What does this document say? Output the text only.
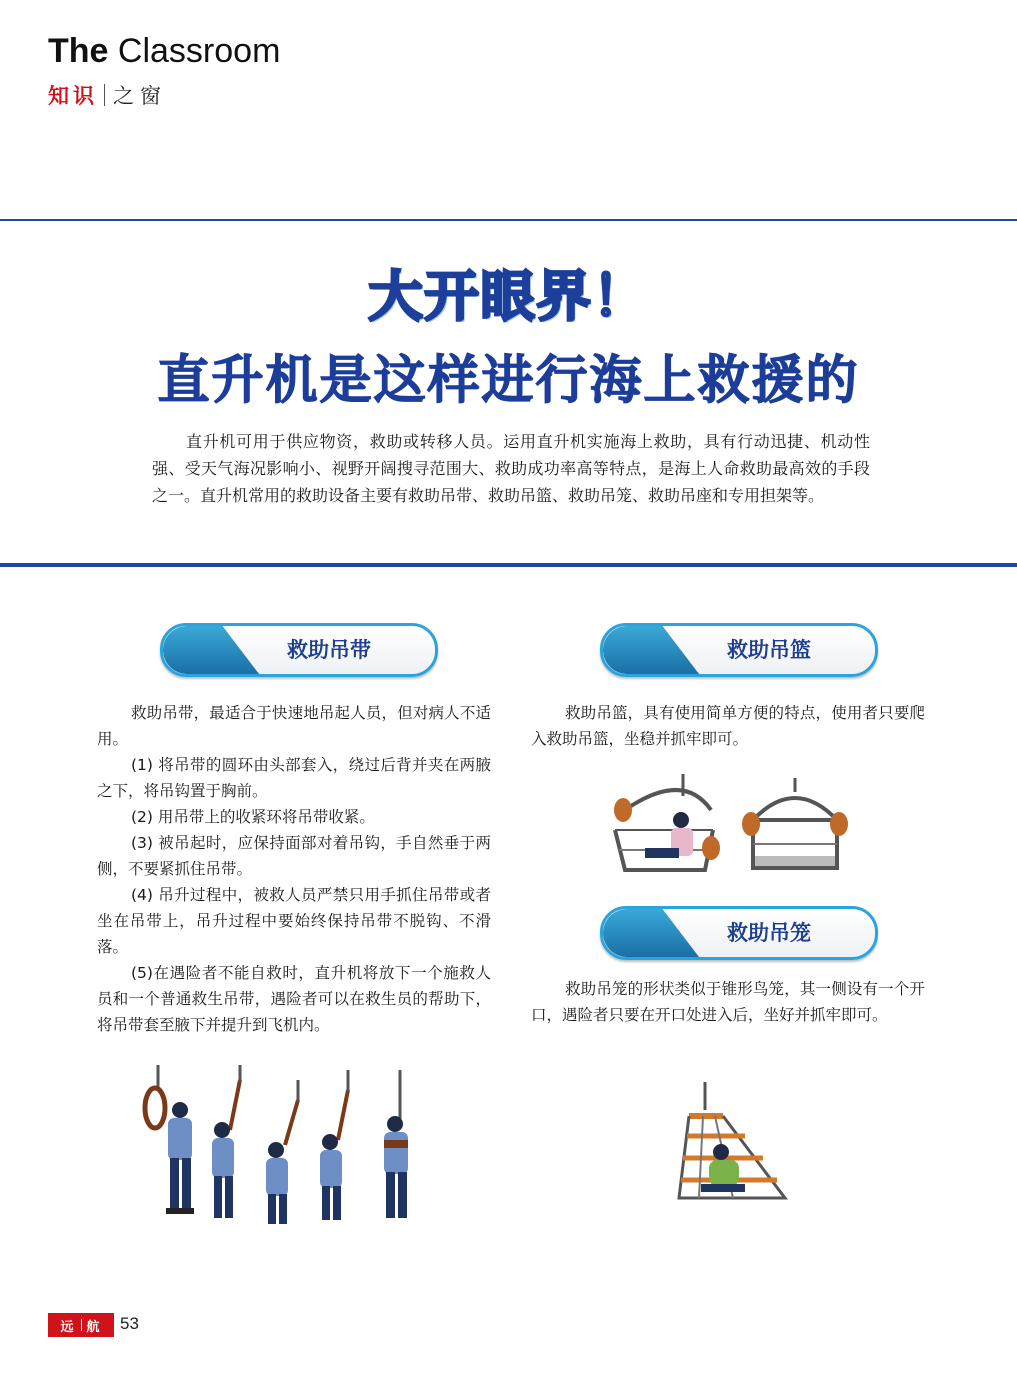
The Classroom
知识 之窗
大开眼界！
直升机是这样进行海上救援的
直升机可用于供应物资，救助或转移人员。运用直升机实施海上救助，具有行动迅捷、机动性强、受天气海况影响小、视野开阔搜寻范围大、救助成功率高等特点，是海上人命救助最高效的手段之一。直升机常用的救助设备主要有救助吊带、救助吊篮、救助吊笼、救助吊座和专用担架等。
救助吊带

救助吊带，最适合于快速地吊起人员，但对病人不适用。

(1) 将吊带的圆环由头部套入，绕过后背并夹在两腋之下，将吊钩置于胸前。

(2) 用吊带上的收紧环将吊带收紧。

(3) 被吊起时，应保持面部对着吊钩，手自然垂于两侧，不要紧抓住吊带。

(4) 吊升过程中，被救人员严禁只用手抓住吊带或者坐在吊带上，吊升过程中要始终保持吊带不脱钩、不滑落。

(5)在遇险者不能自救时，直升机将放下一个施救人员和一个普通救生吊带，遇险者可以在救生员的帮助下，将吊带套至腋下并提升到飞机内。

救助吊篮

救助吊篮，具有使用简单方便的特点，使用者只要爬入救助吊篮，坐稳并抓牢即可。

救助吊笼

救助吊笼的形状类似于锥形鸟笼，其一侧设有一个开口，遇险者只要在开口处进入后，坐好并抓牢即可。

远 航 53
